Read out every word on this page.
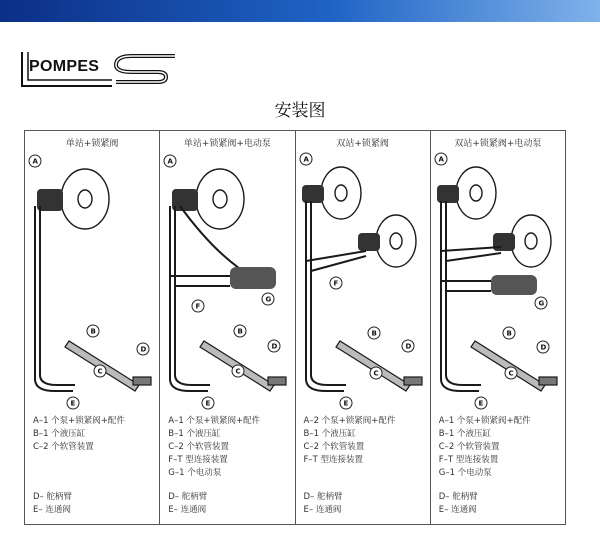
POMPES
安装图
单站+锁紧阀
A
B
C
D
E
A–1 个泵+锁紧阀+配件
B–1 个液压缸
C–2 个软管装置
D– 舵柄臂
E– 连通阀
单站+锁紧阀+电动泵
A
B
C
D
E
F
G
A–1 个泵+锁紧阀+配件
B–1 个液压缸
C–2 个软管装置
F–T 型连接装置
G–1 个电动泵
D– 舵柄臂
E– 连通阀
双站+锁紧阀
A
B
C
D
E
F
A–2 个泵+锁紧阀+配件
B–1 个液压缸
C–2 个软管装置
F–T 型连接装置
D– 舵柄臂
E– 连通阀
双站+锁紧阀+电动泵
A
B
C
D
E
G
A–1 个泵+锁紧阀+配件
B–1 个液压缸
C–2 个软管装置
F–T 型连接装置
G–1 个电动泵
D– 舵柄臂
E– 连通阀
